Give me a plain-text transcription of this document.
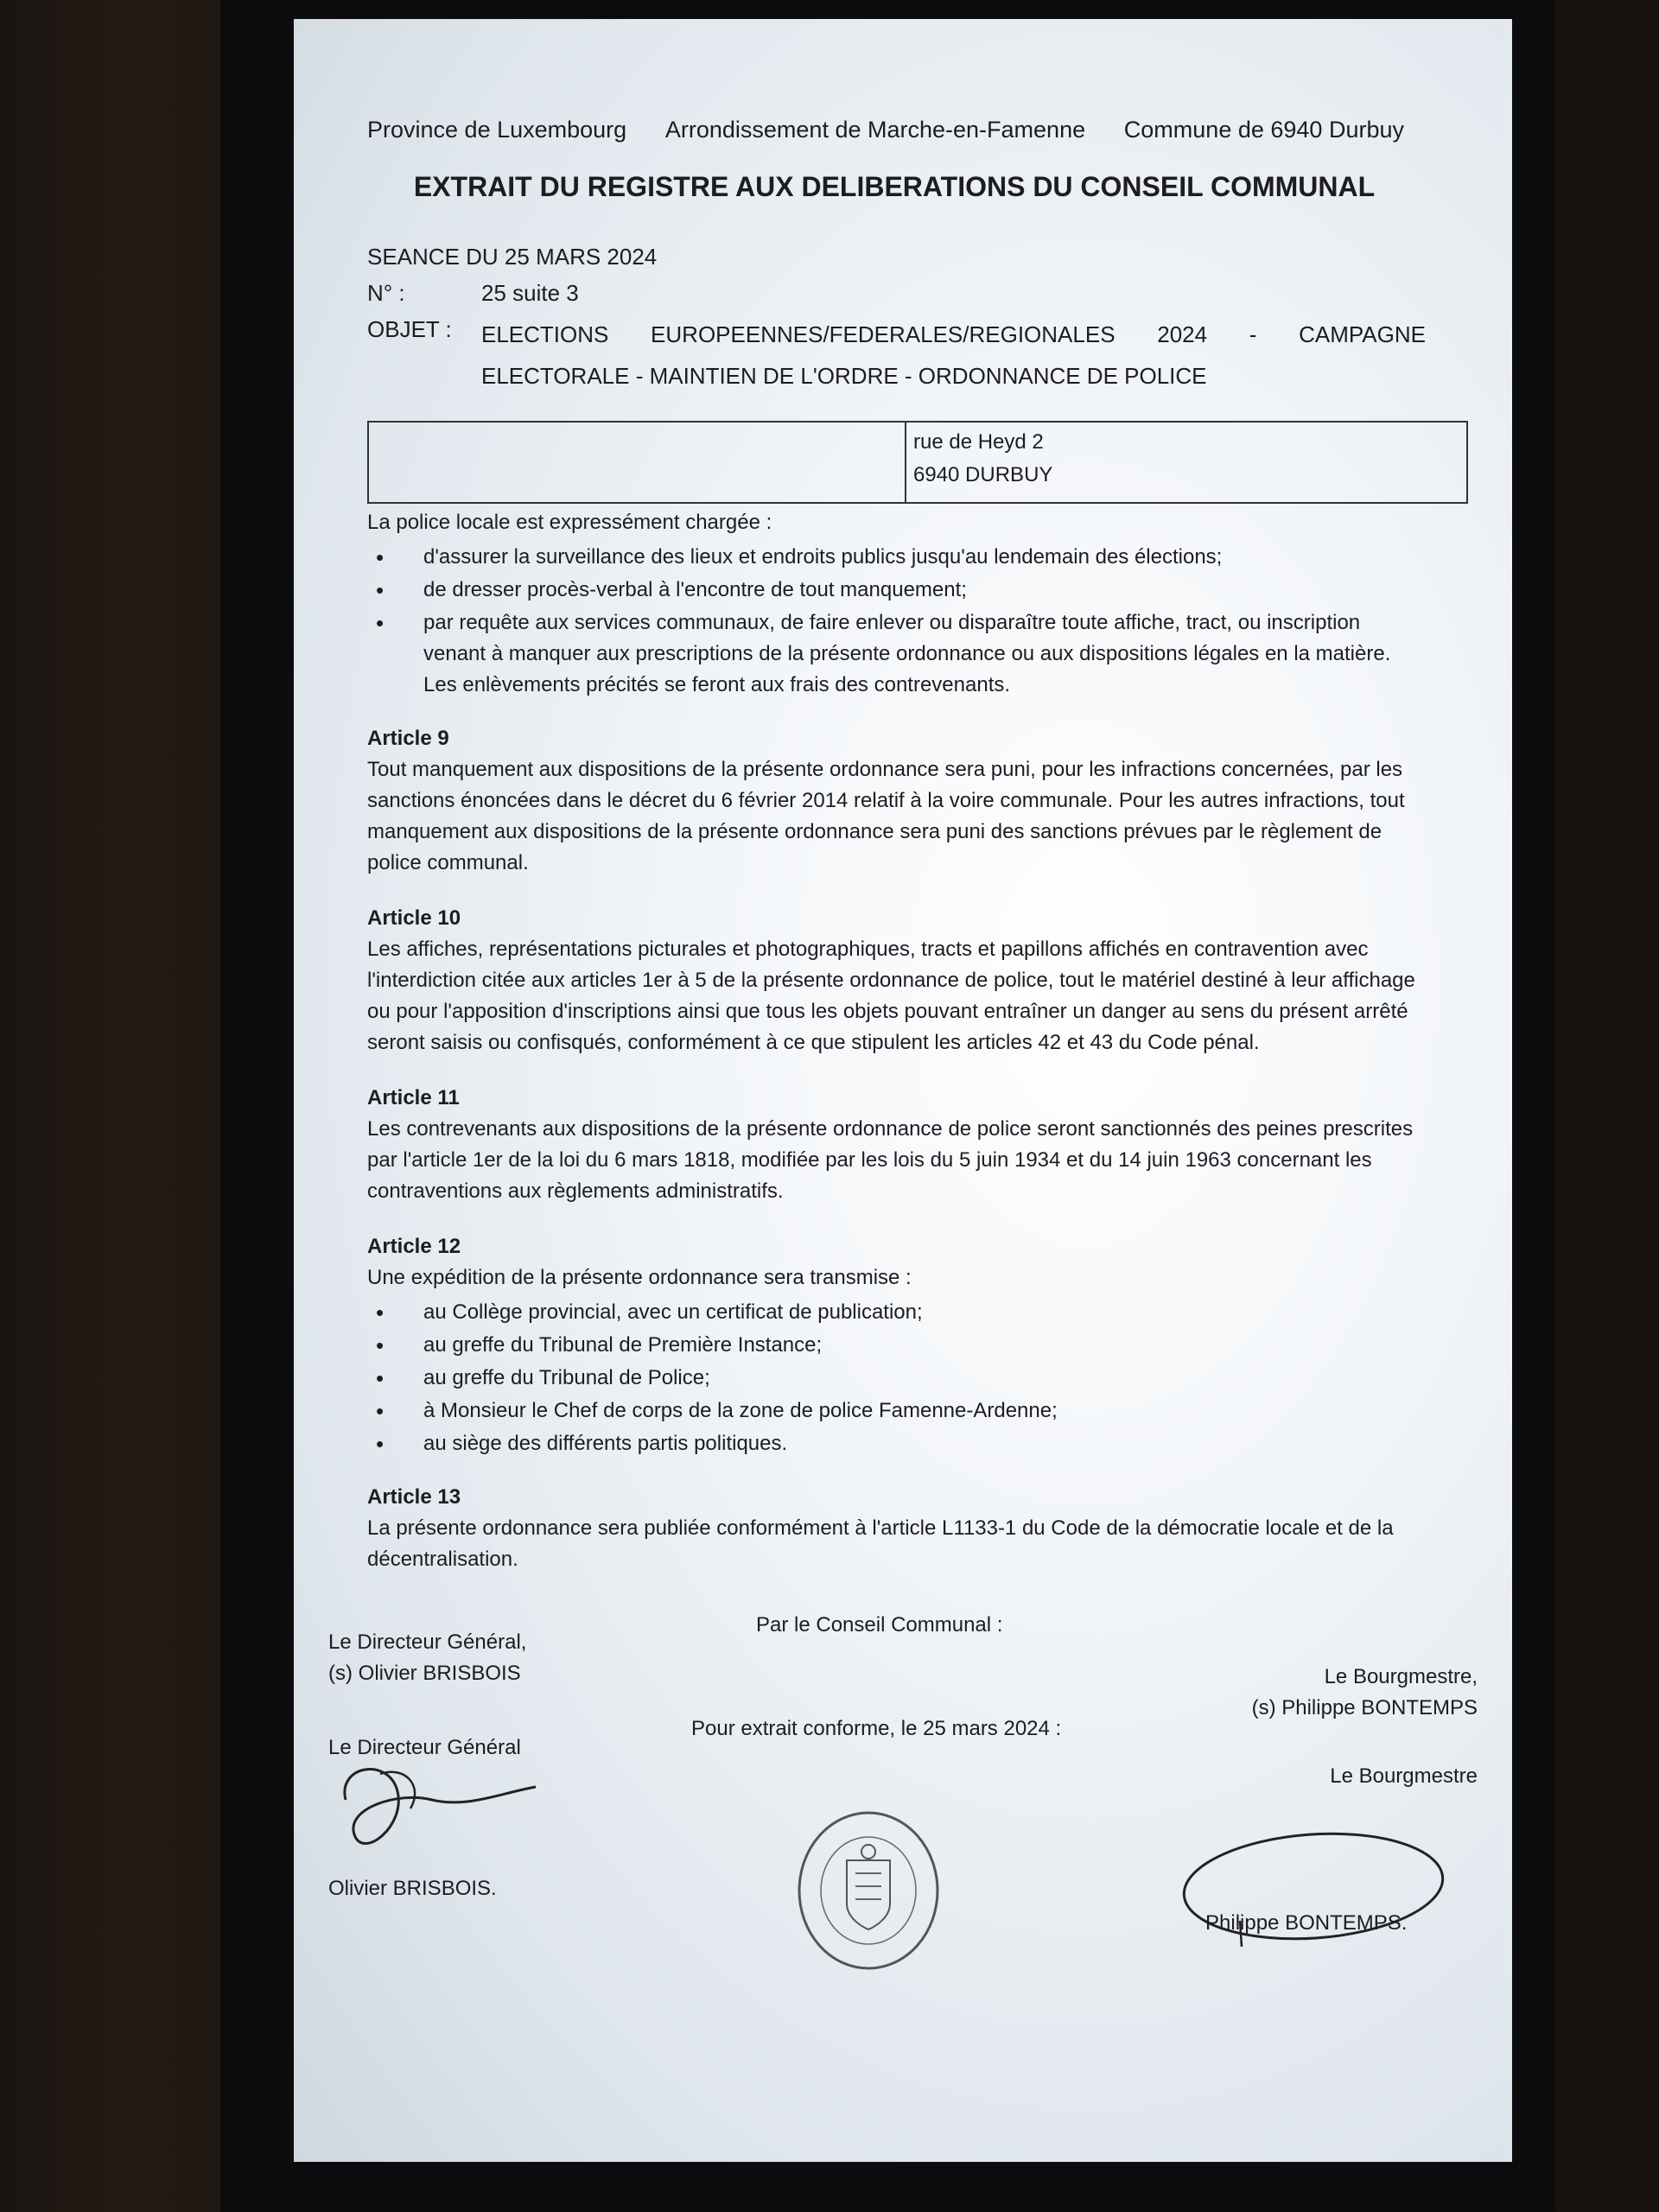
Province de Luxembourg Arrondissement de Marche-en-Famenne Commune de 6940 Durbuy
EXTRAIT DU REGISTRE AUX DELIBERATIONS DU CONSEIL COMMUNAL
SEANCE DU 25 MARS 2024
N° :	25 suite 3
OBJET :	ELECTIONS EUROPEENNES/FEDERALES/REGIONALES 2024 - CAMPAGNE ELECTORALE - MAINTIEN DE L'ORDRE - ORDONNANCE DE POLICE
rue de Heyd 2
6940 DURBUY

La police locale est expressément chargée :

• d'assurer la surveillance des lieux et endroits publics jusqu'au lendemain des élections;
• de dresser procès-verbal à l'encontre de tout manquement;
• par requête aux services communaux, de faire enlever ou disparaître toute affiche, tract, ou inscription venant à manquer aux prescriptions de la présente ordonnance ou aux dispositions légales en la matière. Les enlèvements précités se feront aux frais des contrevenants.
Article 9

Tout manquement aux dispositions de la présente ordonnance sera puni, pour les infractions concernées, par les sanctions énoncées dans le décret du 6 février 2014 relatif à la voire communale. Pour les autres infractions, tout manquement aux dispositions de la présente ordonnance sera puni des sanctions prévues par le règlement de police communal.

Article 10

Les affiches, représentations picturales et photographiques, tracts et papillons affichés en contravention avec l'interdiction citée aux articles 1er à 5 de la présente ordonnance de police, tout le matériel destiné à leur affichage ou pour l'apposition d'inscriptions ainsi que tous les objets pouvant entraîner un danger au sens du présent arrêté seront saisis ou confisqués, conformément à ce que stipulent les articles 42 et 43 du Code pénal.

Article 11

Les contrevenants aux dispositions de la présente ordonnance de police seront sanctionnés des peines prescrites par l'article 1er de la loi du 6 mars 1818, modifiée par les lois du 5 juin 1934 et du 14 juin 1963 concernant les contraventions aux règlements administratifs.

Article 12

Une expédition de la présente ordonnance sera transmise :

• au Collège provincial, avec un certificat de publication;
• au greffe du Tribunal de Première Instance;
• au greffe du Tribunal de Police;
• à Monsieur le Chef de corps de la zone de police Famenne-Ardenne;
• au siège des différents partis politiques.
Article 13

La présente ordonnance sera publiée conformément à l'article L1133-1 du Code de la démocratie locale et de la décentralisation.

Par le Conseil Communal :
Le Directeur Général,
(s) Olivier BRISBOIS	Le Bourgmestre,
(s) Philippe BONTEMPS
Pour extrait conforme, le 25 mars 2024 :
Le Directeur Général
Le Bourgmestre
Olivier BRISBOIS.
Philippe BONTEMPS.
